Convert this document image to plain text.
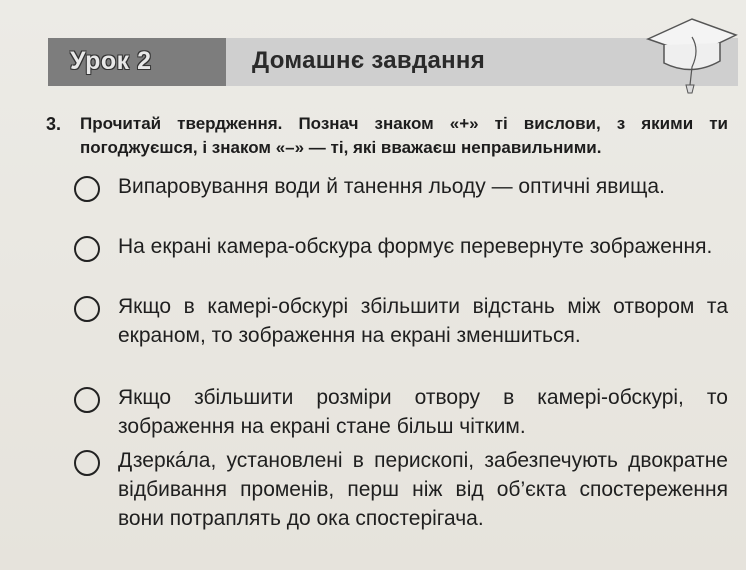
Урок 2	Домашнє завдання
3. Прочитай твердження. Познач знаком «+» ті вислови, з якими ти погоджуєшся, і знаком «–» — ті, які вважаєш неправильними.
Випаровування води й танення льоду — оптичні явища.
На екрані камера-обскура формує перевернуте зображення.
Якщо в камері-обскурі збільшити відстань між отвором та екраном, то зображення на екрані зменшиться.
Якщо збільшити розміри отвору в камері-обскурі, то зображення на екрані стане більш чітким.
Дзеркáла, установлені в перископі, забезпечують двократне відбивання променів, перш ніж від об’єкта спостереження вони потраплять до ока спостерігача.
